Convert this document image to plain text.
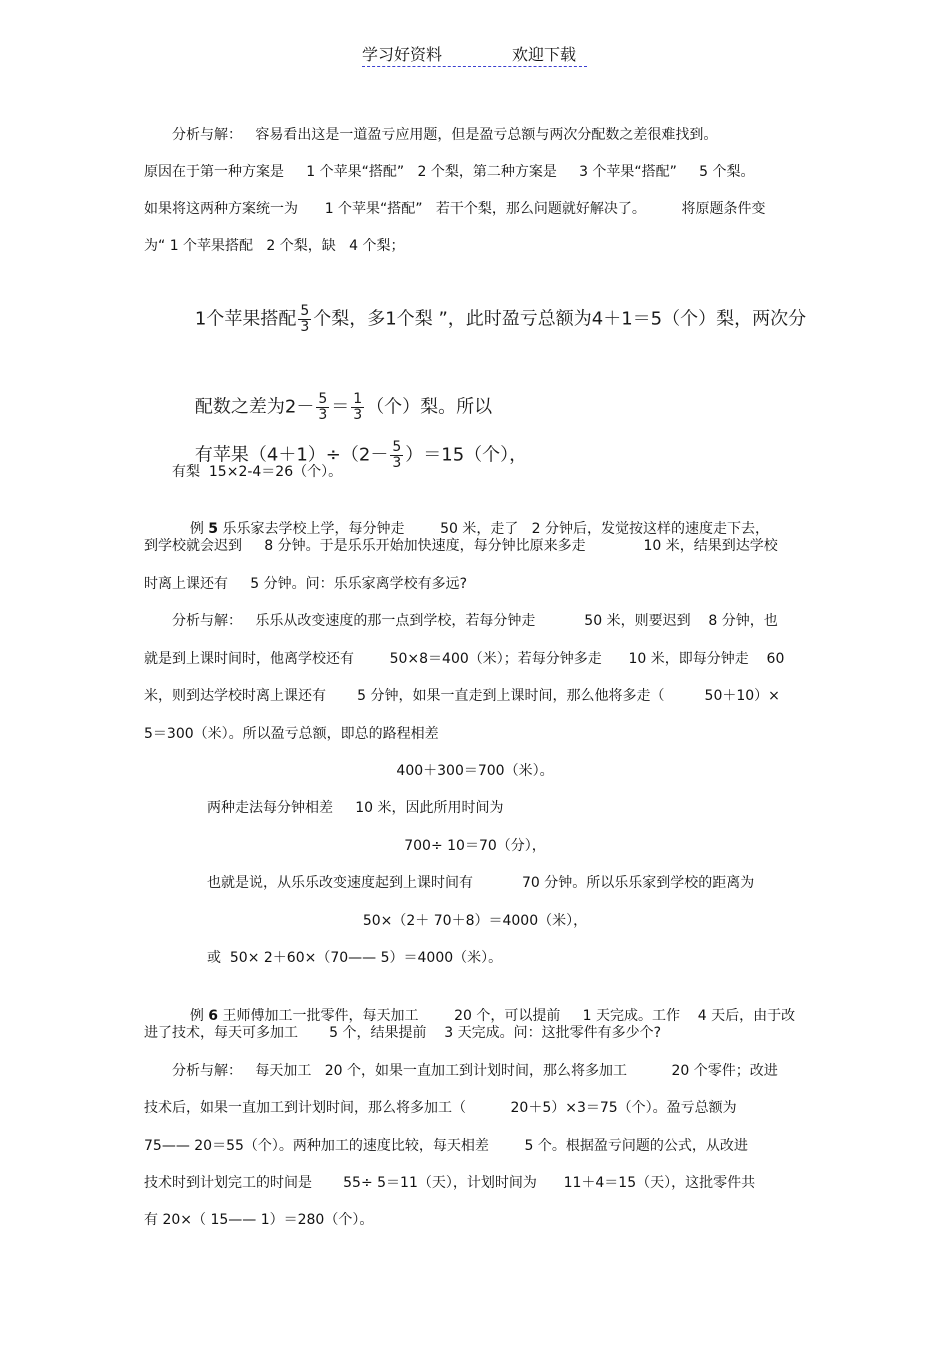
学习好资料	欢迎下载
分析与解：   容易看出这是一道盈亏应用题，但是盈亏总额与两次分配数之差很难找到。
原因在于第一种方案是     1 个苹果“搭配”   2 个梨，第二种方案是     3 个苹果“搭配”     5 个梨。
如果将这两种方案统一为      1 个苹果“搭配”   若干个梨，那么问题就好解决了。        将原题条件变
为“ 1 个苹果搭配   2 个梨，缺   4 个梨；

1个苹果搭配 $\frac{5}{3}$ 个梨，多1个梨 ”，此时盈亏总额为4＋1＝5（个）梨，两次分

配数之差为$2- \frac{5}{3} = \frac{1}{3}$ （个）梨。所以

有苹果$(4+1)\div(2- \frac{5}{3} )=15$（个），

有梨  15×2-4＝26（个）。

例 5 乐乐家去学校上学，每分钟走        50 米，走了   2 分钟后，发觉按这样的速度走下去，

到学校就会迟到     8 分钟。于是乐乐开始加快速度，每分钟比原来多走             10 米，结果到达学校
时离上课还有     5 分钟。问：乐乐家离学校有多远?
分析与解：   乐乐从改变速度的那一点到学校，若每分钟走           50 米，则要迟到    8 分钟，也
就是到上课时间时，他离学校还有        50×8＝400（米）；若每分钟多走      10 米，即每分钟走    60
米，则到达学校时离上课还有       5 分钟，如果一直走到上课时间，那么他将多走（         50＋10）×
5＝300（米）。所以盈亏总额，即总的路程相差
400＋300＝700（米）。
两种走法每分钟相差     10 米，因此所用时间为
700÷ 10＝70（分），
也就是说，从乐乐改变速度起到上课时间有           70 分钟。所以乐乐家到学校的距离为
50×（2＋ 70＋8）＝4000（米），
或  50× 2＋60×（70—— 5）＝4000（米）。

例 6 王师傅加工一批零件，每天加工        20 个，可以提前     1 天完成。工作    4 天后，由于改

进了技术，每天可多加工       5 个，结果提前    3 天完成。问：这批零件有多少个?
分析与解：   每天加工   20 个，如果一直加工到计划时间，那么将多加工          20 个零件；改进
技术后，如果一直加工到计划时间，那么将多加工（          20＋5）×3＝75（个）。盈亏总额为
75—— 20＝55（个）。两种加工的速度比较，每天相差        5 个。根据盈亏问题的公式，从改进
技术时到计划完工的时间是       55÷ 5＝11（天），计划时间为      11＋4＝15（天），这批零件共
有 20×（ 15—— 1）＝280（个）。
